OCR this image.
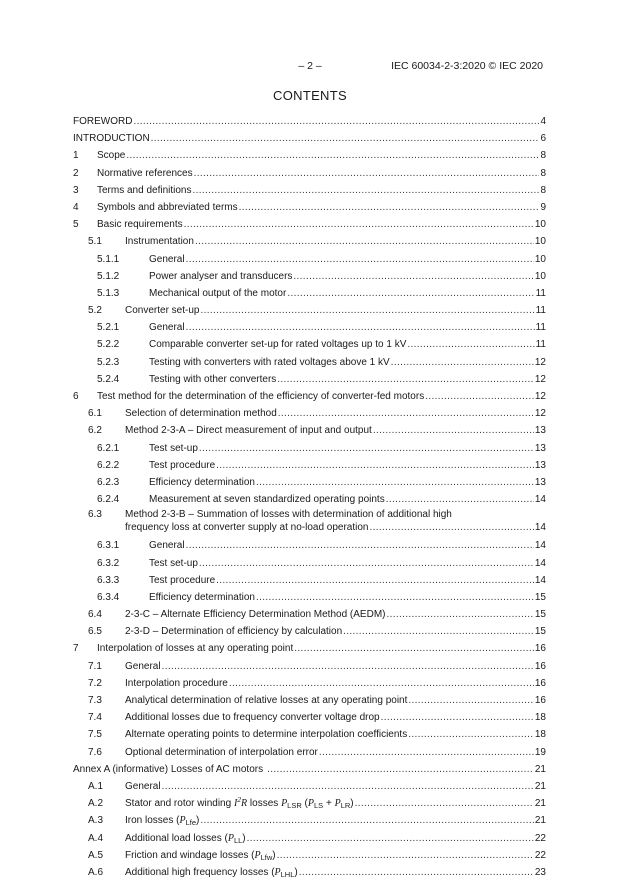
– 2 –	IEC 60034-2-3:2020 © IEC 2020
CONTENTS
FOREWORD .....	4
INTRODUCTION .....	6
1 Scope .....	8
2 Normative references .....	8
3 Terms and definitions .....	8
4 Symbols and abbreviated terms .....	9
5 Basic requirements .....	10
5.1 Instrumentation .....	10
5.1.1	General .....	10
5.1.2	Power analyser and transducers .....	10
5.1.3	Mechanical output of the motor .....	11
5.2 Converter set-up .....	11
5.2.1	General .....	11
5.2.2	Comparable converter set-up for rated voltages up to 1 kV .....	11
5.2.3	Testing with converters with rated voltages above 1 kV .....	12
5.2.4	Testing with other converters .....	12
6 Test method for the determination of the efficiency of converter-fed motors .....	12
6.1 Selection of determination method .....	12
6.2 Method 2-3-A – Direct measurement of input and output .....	13
6.2.1	Test set-up .....	13
6.2.2	Test procedure .....	13
6.2.3	Efficiency determination .....	13
6.2.4	Measurement at seven standardized operating points .....	14
6.3 Method 2-3-B – Summation of losses with determination of additional high
frequency loss at converter supply at no-load operation .....	14
6.3.1	General .....	14
6.3.2	Test set-up .....	14
6.3.3	Test procedure .....	14
6.3.4	Efficiency determination .....	15
6.4 2-3-C – Alternate Efficiency Determination Method (AEDM) .....	15
6.5 2-3-D – Determination of efficiency by calculation .....	15
7 Interpolation of losses at any operating point .....	16
7.1 General .....	16
7.2 Interpolation procedure .....	16
7.3 Analytical determination of relative losses at any operating point .....	16
7.4 Additional losses due to frequency converter voltage drop .....	18
7.5 Alternate operating points to determine interpolation coefficients .....	18
7.6 Optional determination of interpolation error .....	19
Annex A (informative) Losses of AC motors .....	21
A.1 General .....	21
A.2 Stator and rotor winding $I^2R$ losses $P_{LSR}$ $(P_{LS} + P_{LR})$ .....	21
A.3 Iron losses $(P_{Lfe})$ .....	21
A.4 Additional load losses $(P_{LL})$ .....	22
A.5 Friction and windage losses $(P_{Lfw})$ .....	22
A.6 Additional high frequency losses $(P_{LHL})$ .....	23
